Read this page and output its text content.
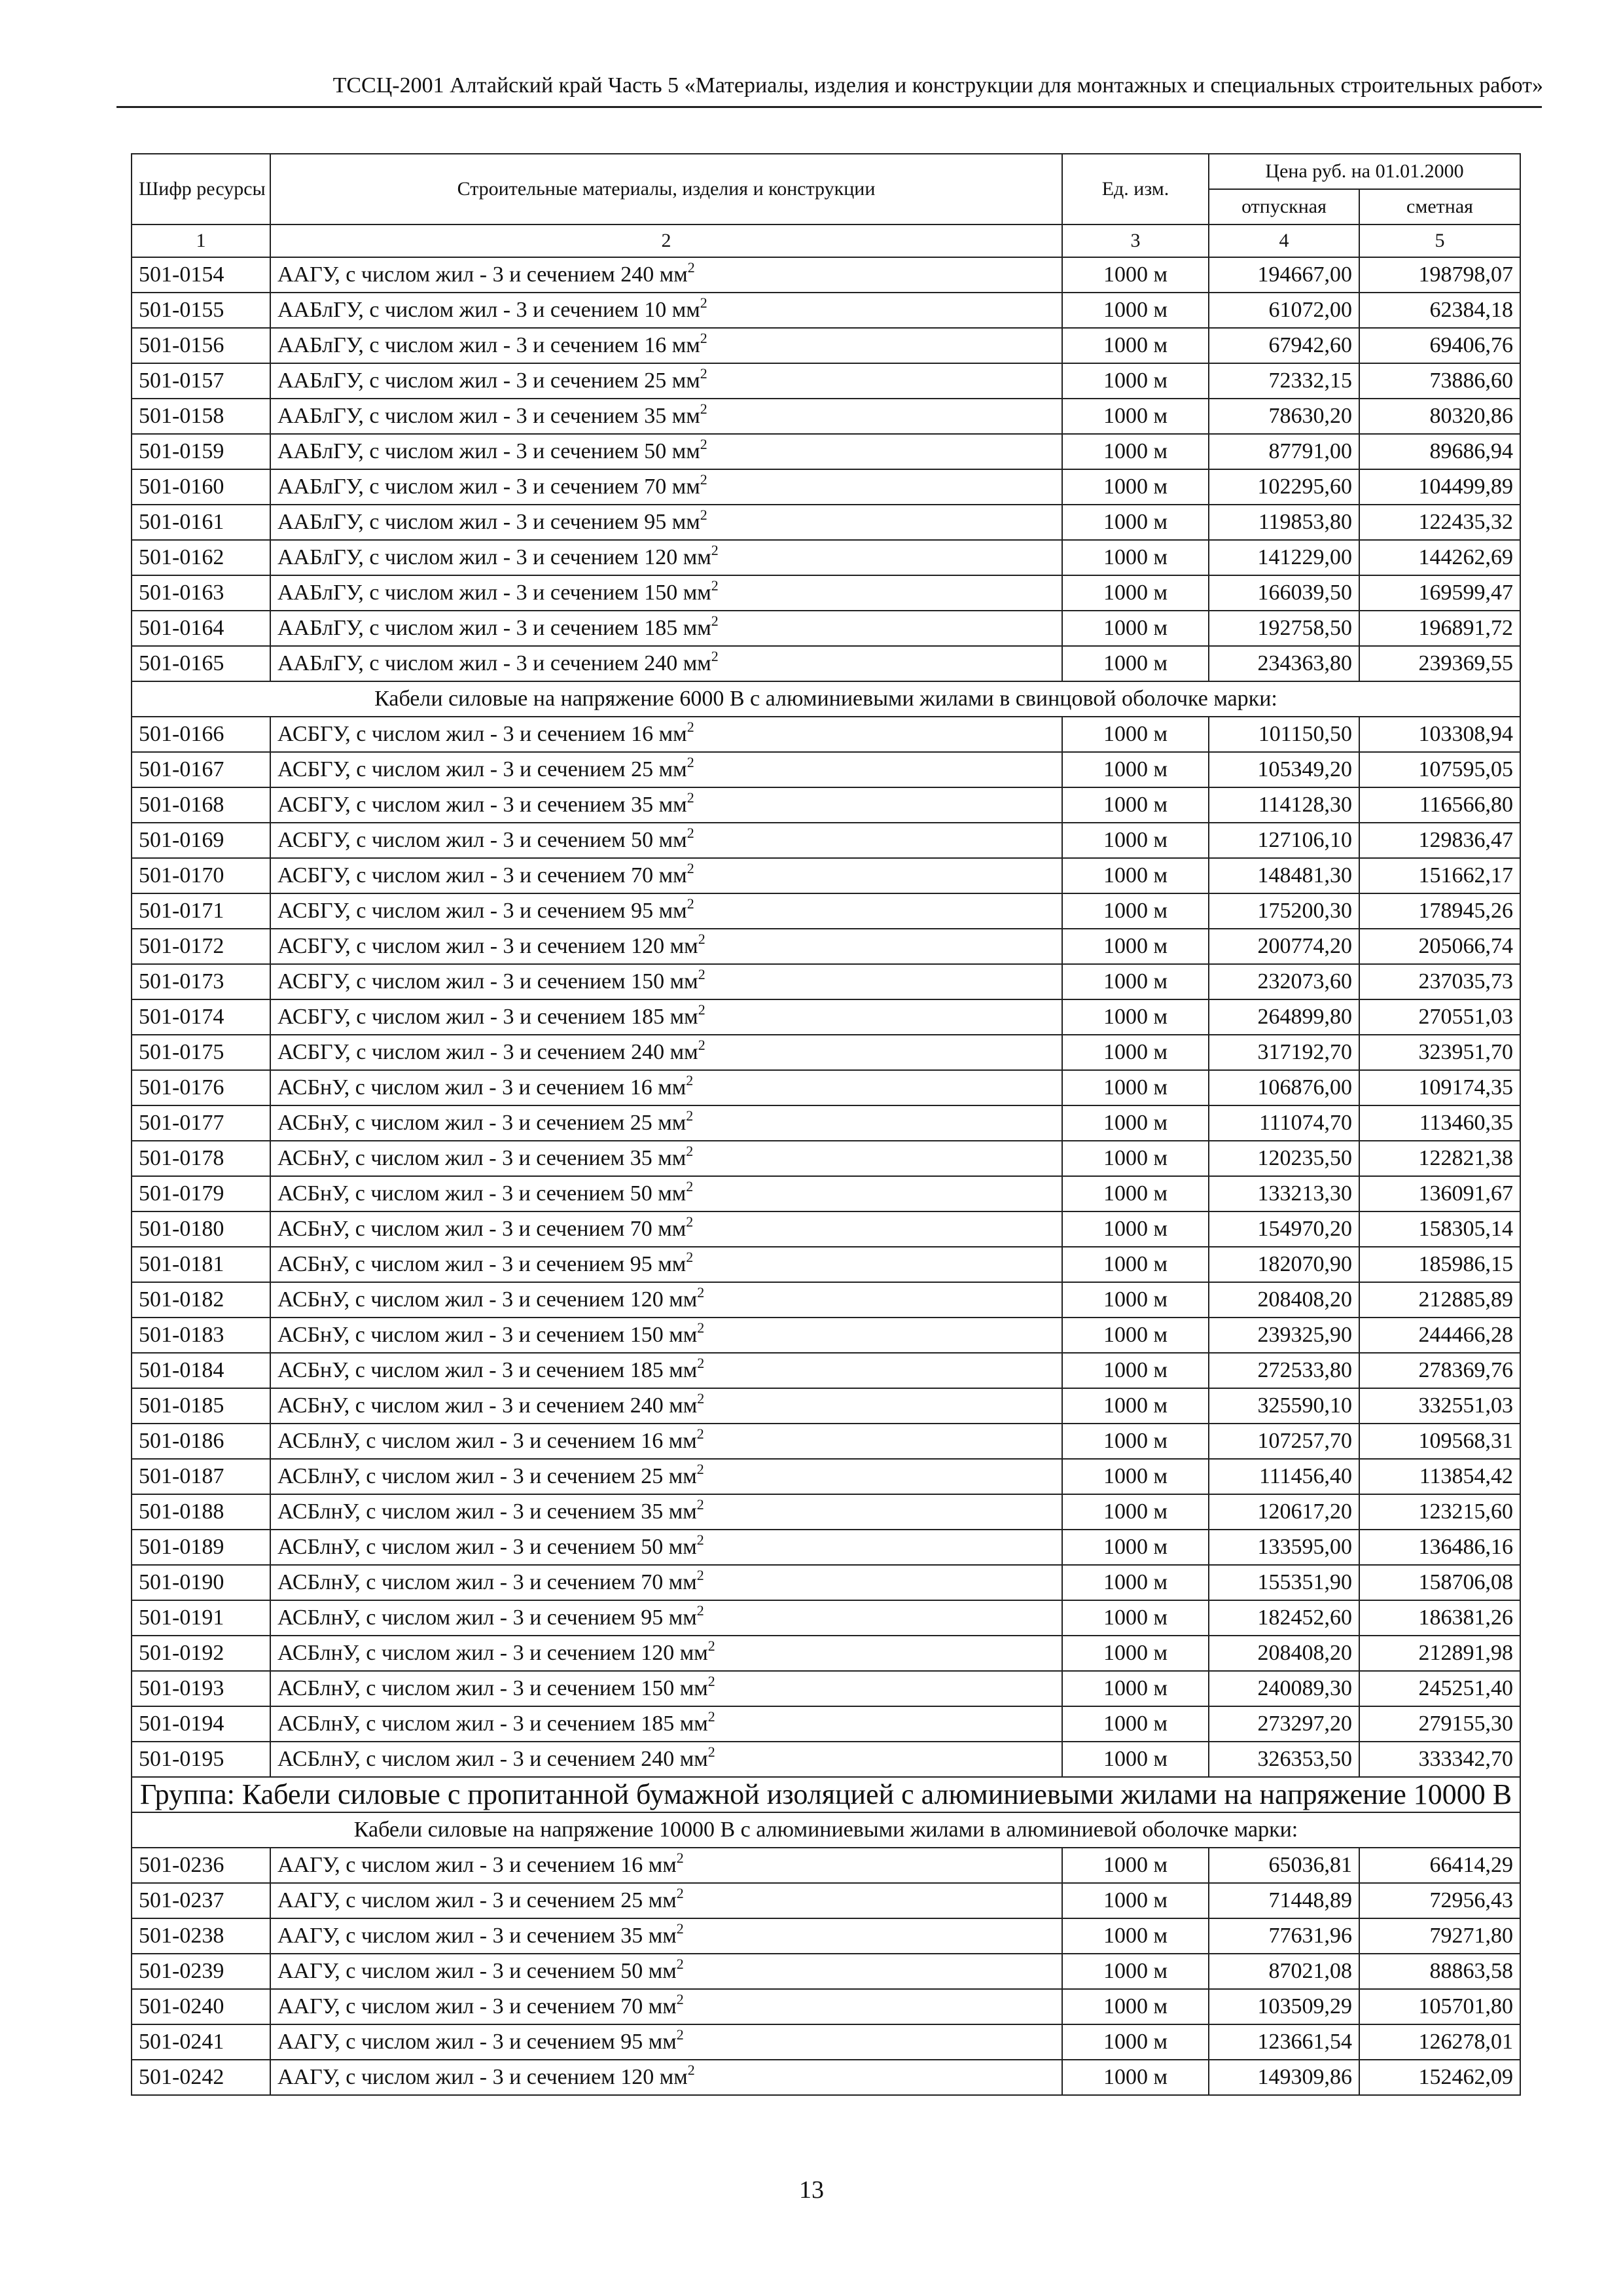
ТССЦ-2001 Алтайский край Часть 5 «Материалы, изделия и конструкции для монтажных и специальных строительных работ»
Шифр ресурсы	Строительные материалы, изделия и конструкции	Ед. изм.	Цена руб. на 01.01.2000	
			отпускная	сметная
1	2	3	4	5
501-0154	ААГУ, с числом жил - 3 и сечением 240 $мм^2$	1000 м	194667,00	198798,07
501-0155	ААБлГУ, с числом жил - 3 и сечением 10 $мм^2$	1000 м	61072,00	62384,18
501-0156	ААБлГУ, с числом жил - 3 и сечением 16 $мм^2$	1000 м	67942,60	69406,76
501-0157	ААБлГУ, с числом жил - 3 и сечением 25 $мм^2$	1000 м	72332,15	73886,60
501-0158	ААБлГУ, с числом жил - 3 и сечением 35 $мм^2$	1000 м	78630,20	80320,86
501-0159	ААБлГУ, с числом жил - 3 и сечением 50 $мм^2$	1000 м	87791,00	89686,94
501-0160	ААБлГУ, с числом жил - 3 и сечением 70 $мм^2$	1000 м	102295,60	104499,89
501-0161	ААБлГУ, с числом жил - 3 и сечением 95 $мм^2$	1000 м	119853,80	122435,32
501-0162	ААБлГУ, с числом жил - 3 и сечением 120 $мм^2$	1000 м	141229,00	144262,69
501-0163	ААБлГУ, с числом жил - 3 и сечением 150 $мм^2$	1000 м	166039,50	169599,47
501-0164	ААБлГУ, с числом жил - 3 и сечением 185 $мм^2$	1000 м	192758,50	196891,72
501-0165	ААБлГУ, с числом жил - 3 и сечением 240 $мм^2$	1000 м	234363,80	239369,55
Кабели силовые на напряжение 6000 В с алюминиевыми жилами в свинцовой оболочке марки:				
501-0166	АСБГУ, с числом жил - 3 и сечением 16 $мм^2$	1000 м	101150,50	103308,94
501-0167	АСБГУ, с числом жил - 3 и сечением 25 $мм^2$	1000 м	105349,20	107595,05
501-0168	АСБГУ, с числом жил - 3 и сечением 35 $мм^2$	1000 м	114128,30	116566,80
501-0169	АСБГУ, с числом жил - 3 и сечением 50 $мм^2$	1000 м	127106,10	129836,47
501-0170	АСБГУ, с числом жил - 3 и сечением 70 $мм^2$	1000 м	148481,30	151662,17
501-0171	АСБГУ, с числом жил - 3 и сечением 95 $мм^2$	1000 м	175200,30	178945,26
501-0172	АСБГУ, с числом жил - 3 и сечением 120 $мм^2$	1000 м	200774,20	205066,74
501-0173	АСБГУ, с числом жил - 3 и сечением 150 $мм^2$	1000 м	232073,60	237035,73
501-0174	АСБГУ, с числом жил - 3 и сечением 185 $мм^2$	1000 м	264899,80	270551,03
501-0175	АСБГУ, с числом жил - 3 и сечением 240 $мм^2$	1000 м	317192,70	323951,70
501-0176	АСБнУ, с числом жил - 3 и сечением 16 $мм^2$	1000 м	106876,00	109174,35
501-0177	АСБнУ, с числом жил - 3 и сечением 25 $мм^2$	1000 м	111074,70	113460,35
501-0178	АСБнУ, с числом жил - 3 и сечением 35 $мм^2$	1000 м	120235,50	122821,38
501-0179	АСБнУ, с числом жил - 3 и сечением 50 $мм^2$	1000 м	133213,30	136091,67
501-0180	АСБнУ, с числом жил - 3 и сечением 70 $мм^2$	1000 м	154970,20	158305,14
501-0181	АСБнУ, с числом жил - 3 и сечением 95 $мм^2$	1000 м	182070,90	185986,15
501-0182	АСБнУ, с числом жил - 3 и сечением 120 $мм^2$	1000 м	208408,20	212885,89
501-0183	АСБнУ, с числом жил - 3 и сечением 150 $мм^2$	1000 м	239325,90	244466,28
501-0184	АСБнУ, с числом жил - 3 и сечением 185 $мм^2$	1000 м	272533,80	278369,76
501-0185	АСБнУ, с числом жил - 3 и сечением 240 $мм^2$	1000 м	325590,10	332551,03
501-0186	АСБлнУ, с числом жил - 3 и сечением 16 $мм^2$	1000 м	107257,70	109568,31
501-0187	АСБлнУ, с числом жил - 3 и сечением 25 $мм^2$	1000 м	111456,40	113854,42
501-0188	АСБлнУ, с числом жил - 3 и сечением 35 $мм^2$	1000 м	120617,20	123215,60
501-0189	АСБлнУ, с числом жил - 3 и сечением 50 $мм^2$	1000 м	133595,00	136486,16
501-0190	АСБлнУ, с числом жил - 3 и сечением 70 $мм^2$	1000 м	155351,90	158706,08
501-0191	АСБлнУ, с числом жил - 3 и сечением 95 $мм^2$	1000 м	182452,60	186381,26
501-0192	АСБлнУ, с числом жил - 3 и сечением 120 $мм^2$	1000 м	208408,20	212891,98
501-0193	АСБлнУ, с числом жил - 3 и сечением 150 $мм^2$	1000 м	240089,30	245251,40
501-0194	АСБлнУ, с числом жил - 3 и сечением 185 $мм^2$	1000 м	273297,20	279155,30
501-0195	АСБлнУ, с числом жил - 3 и сечением 240 $мм^2$	1000 м	326353,50	333342,70
Группа: Кабели силовые с пропитанной бумажной изоляцией с алюминиевыми жилами на напряжение 10000 В				
Кабели силовые на напряжение 10000 В с алюминиевыми жилами в алюминиевой оболочке марки:				
501-0236	ААГУ, с числом жил - 3 и сечением 16 $мм^2$	1000 м	65036,81	66414,29
501-0237	ААГУ, с числом жил - 3 и сечением 25 $мм^2$	1000 м	71448,89	72956,43
501-0238	ААГУ, с числом жил - 3 и сечением 35 $мм^2$	1000 м	77631,96	79271,80
501-0239	ААГУ, с числом жил - 3 и сечением 50 $мм^2$	1000 м	87021,08	88863,58
501-0240	ААГУ, с числом жил - 3 и сечением 70 $мм^2$	1000 м	103509,29	105701,80
501-0241	ААГУ, с числом жил - 3 и сечением 95 $мм^2$	1000 м	123661,54	126278,01
501-0242	ААГУ, с числом жил - 3 и сечением 120 $мм^2$	1000 м	149309,86	152462,09
13
